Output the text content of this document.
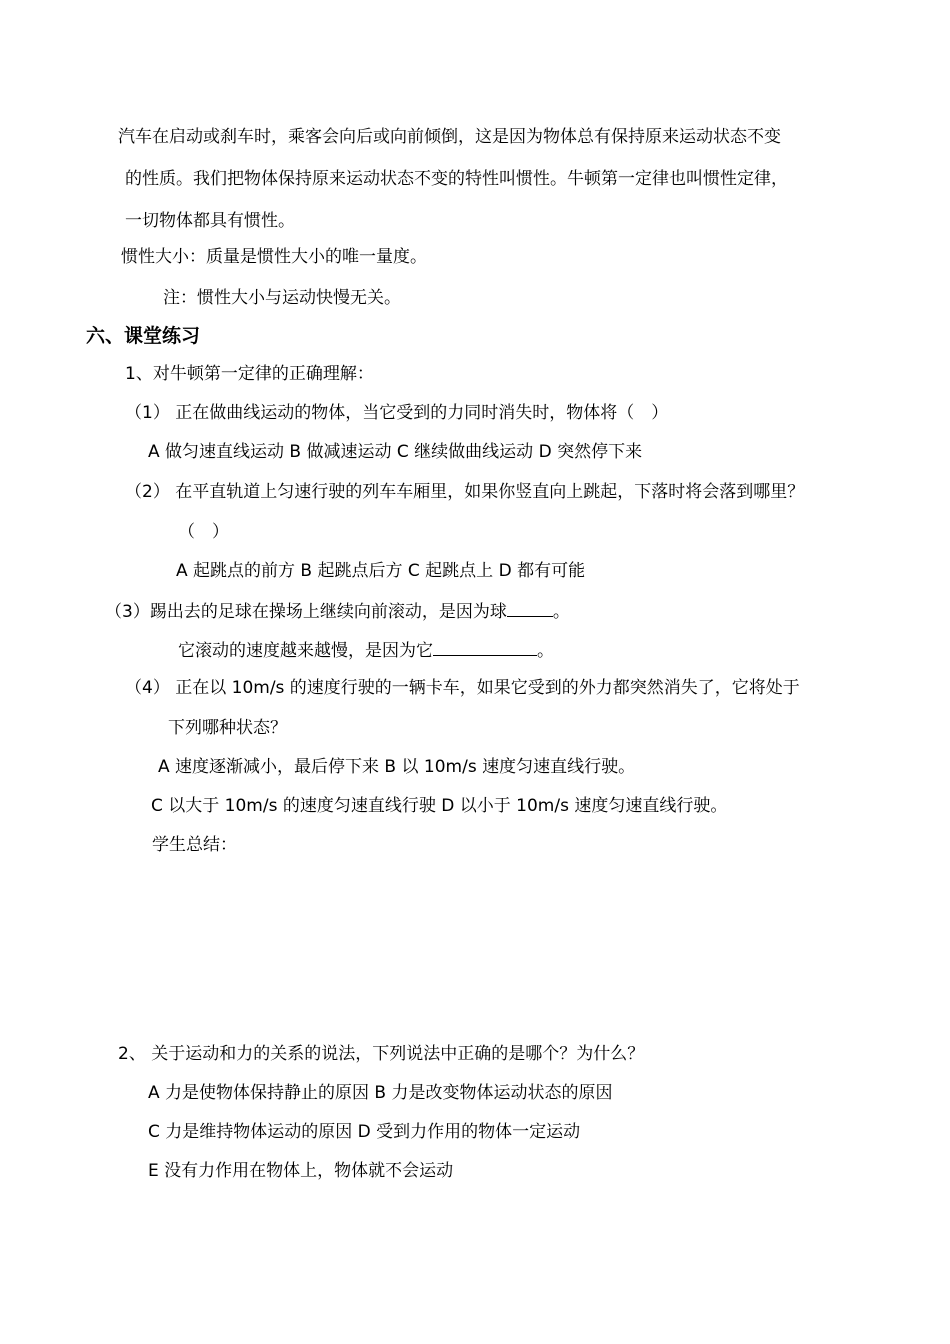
汽车在启动或刹车时，乘客会向后或向前倾倒，这是因为物体总有保持原来运动状态不变
的性质。我们把物体保持原来运动状态不变的特性叫惯性。牛顿第一定律也叫惯性定律，
一切物体都具有惯性。
惯性大小：质量是惯性大小的唯一量度。
注：惯性大小与运动快慢无关。
六、课堂练习
1、对牛顿第一定律的正确理解：
（1） 正在做曲线运动的物体，当它受到的力同时消失时，物体将（　）
A 做匀速直线运动 B 做减速运动 C 继续做曲线运动 D 突然停下来
（2） 在平直轨道上匀速行驶的列车车厢里，如果你竖直向上跳起，下落时将会落到哪里？
（　）
A 起跳点的前方 B 起跳点后方 C 起跳点上 D 都有可能
（3）踢出去的足球在操场上继续向前滚动，是因为球	。
它滚动的速度越来越慢，是因为它	。
（4） 正在以 10m/s 的速度行驶的一辆卡车，如果它受到的外力都突然消失了，它将处于
下列哪种状态？
A 速度逐渐减小，最后停下来 B 以 10m/s 速度匀速直线行驶。
C 以大于 10m/s 的速度匀速直线行驶 D 以小于 10m/s 速度匀速直线行驶。
学生总结：
2、 关于运动和力的关系的说法，下列说法中正确的是哪个？为什么？
A 力是使物体保持静止的原因 B 力是改变物体运动状态的原因
C 力是维持物体运动的原因 D 受到力作用的物体一定运动
E 没有力作用在物体上，物体就不会运动
